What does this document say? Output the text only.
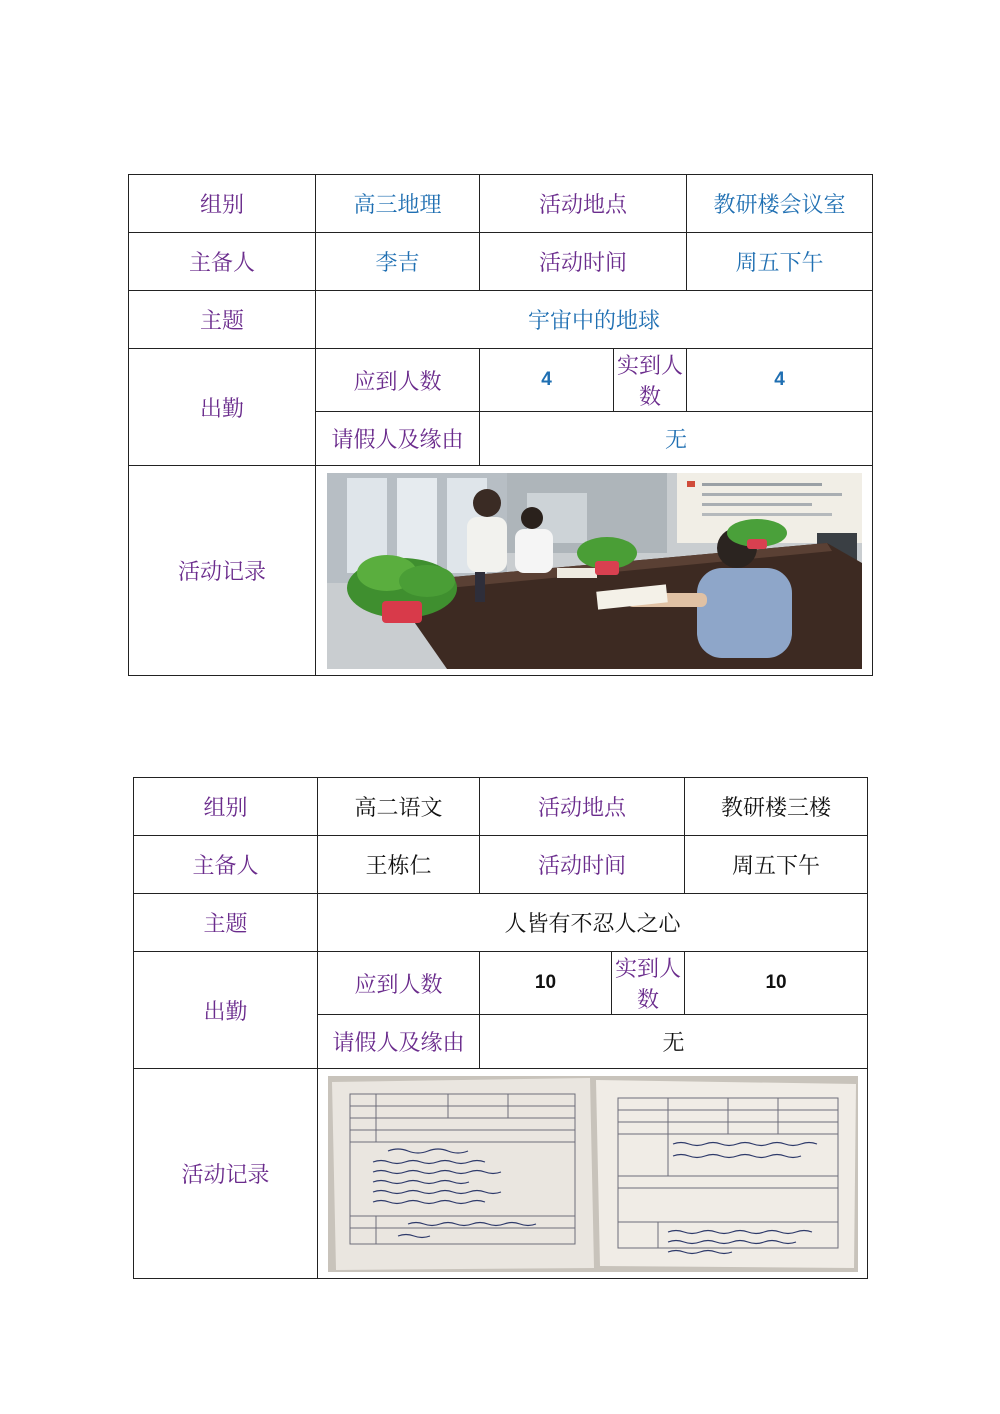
组别	高三地理	活动地点		教研楼会议室
主备人	李吉	活动时间		周五下午
主题	宇宙中的地球			
出勤	应到人数	4	实到人数	4
	请假人及缘由	无		
活动记录	
组别	高二语文	活动地点		教研楼三楼
主备人	王栋仁	活动时间		周五下午
主题	人皆有不忍人之心			
出勤	应到人数	10	实到人数	10
	请假人及缘由	无		
活动记录	
